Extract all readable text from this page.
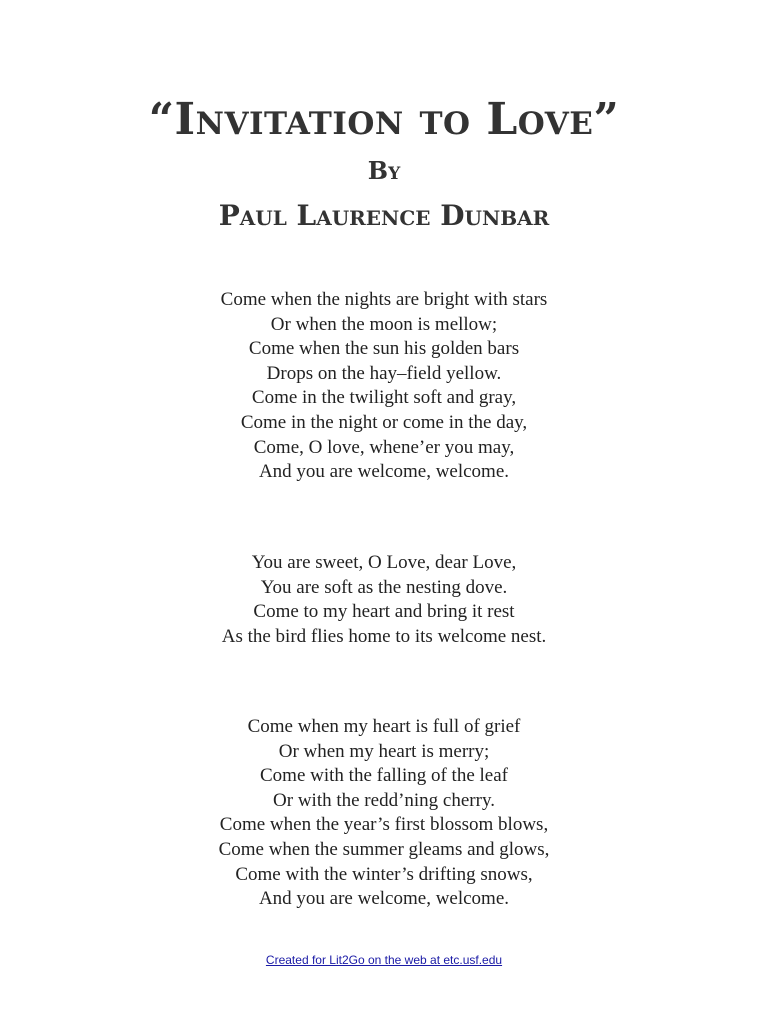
“Invitation to Love”
By
Paul Laurence Dunbar
Come when the nights are bright with stars
Or when the moon is mellow;
Come when the sun his golden bars
Drops on the hay–field yellow.
Come in the twilight soft and gray,
Come in the night or come in the day,
Come, O love, whene’er you may,
And you are welcome, welcome.
You are sweet, O Love, dear Love,
You are soft as the nesting dove.
Come to my heart and bring it rest
As the bird flies home to its welcome nest.
Come when my heart is full of grief
Or when my heart is merry;
Come with the falling of the leaf
Or with the redd’ning cherry.
Come when the year’s first blossom blows,
Come when the summer gleams and glows,
Come with the winter’s drifting snows,
And you are welcome, welcome.
Created for Lit2Go on the web at etc.usf.edu
